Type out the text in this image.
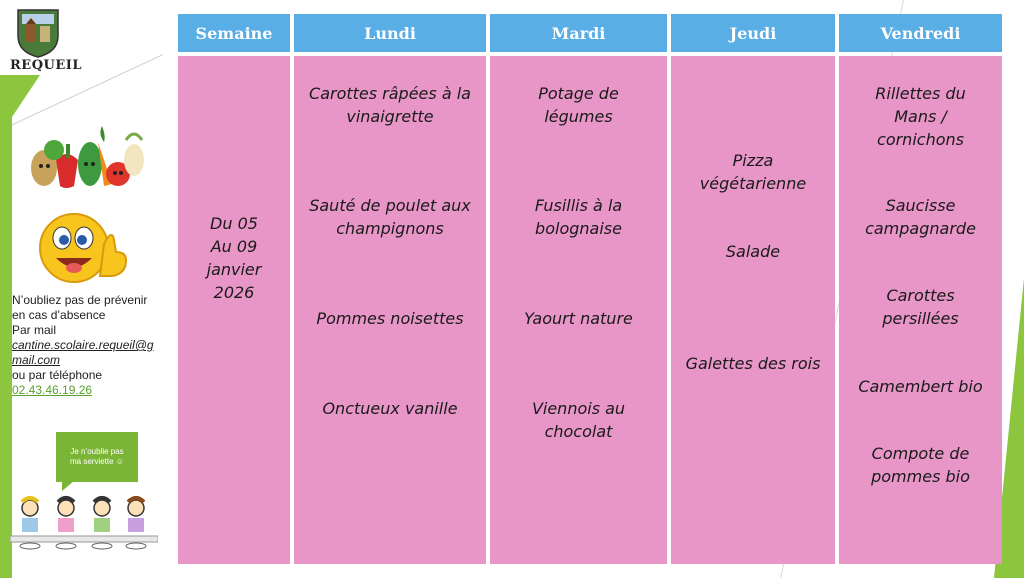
REQUEIL
N’oubliez pas de prévenir en cas d’absence
Par mail
cantine.scolaire.requeil@gmail.com
ou par téléphone
02.43.46.19.26
Je n’oublie pas ma serviette ☺
Semaine
Du 05
Au 09
janvier
2026
Lundi
Carottes râpées à la vinaigrette
Sauté de poulet aux champignons
Pommes noisettes
Onctueux vanille
Mardi
Potage de légumes
Fusillis à la bolognaise
Yaourt nature
Viennois au chocolat
Jeudi
Pizza végétarienne
Salade
Galettes des rois
Vendredi
Rillettes du Mans / cornichons
Saucisse campagnarde
Carottes persillées
Camembert bio
Compote de pommes bio
